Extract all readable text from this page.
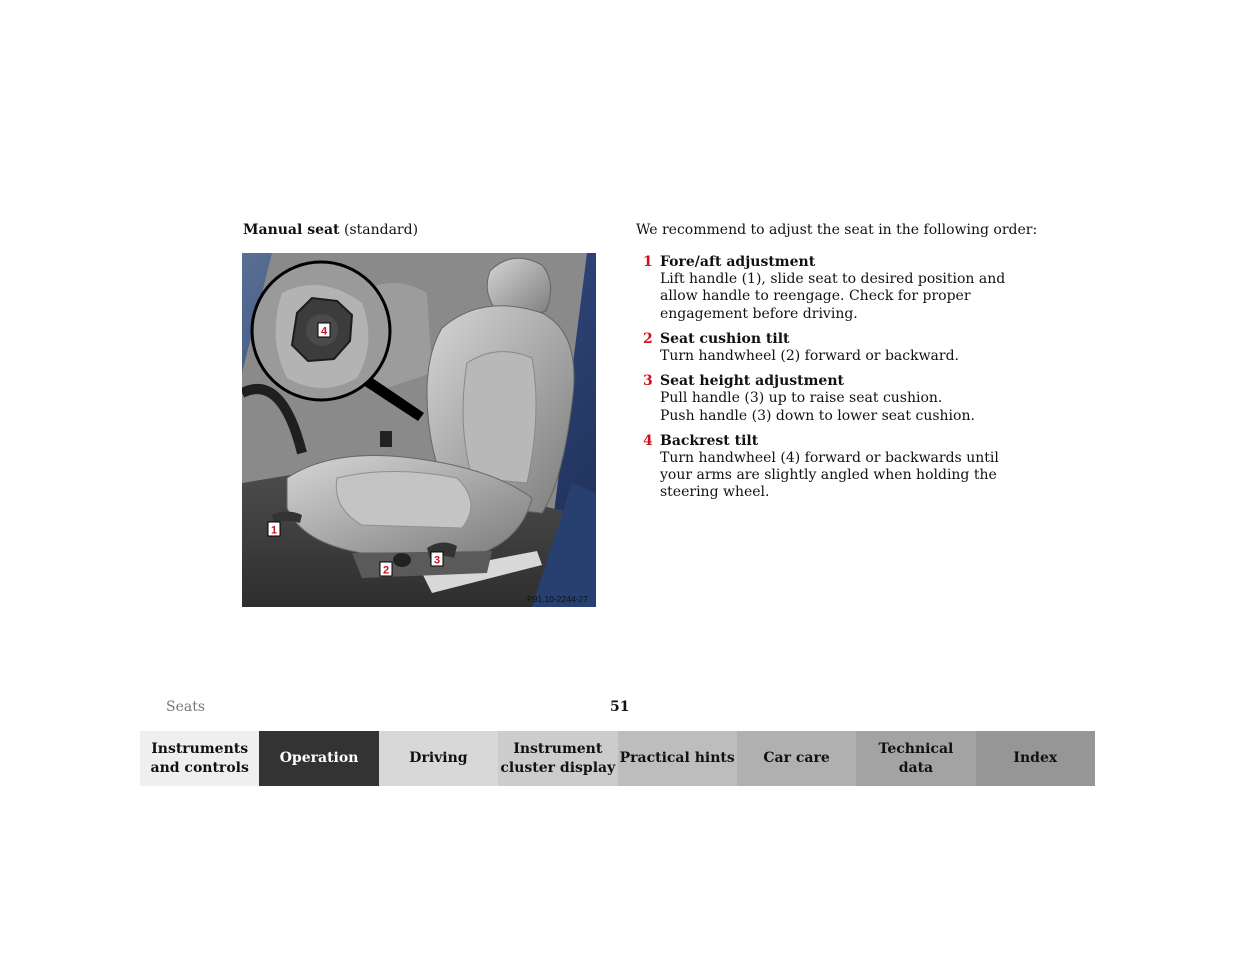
Manual seat (standard)
4
1
2
3
P91.10-2244-27
We recommend to adjust the seat in the following order:
1 Fore/aft adjustment
Lift handle (1), slide seat to desired position and
allow handle to reengage. Check for proper
engagement before driving.
2 Seat cushion tilt
Turn handwheel (2) forward or backward.
3 Seat height adjustment
Pull handle (3) up to raise seat cushion.
Push handle (3) down to lower seat cushion.
4 Backrest tilt
Turn handwheel (4) forward or backwards until
your arms are slightly angled when holding the
steering wheel.
Seats	51
Instruments
and controls
Operation	Driving
Instrument
cluster display
Practical hints	Car care
Technical
data
Index
